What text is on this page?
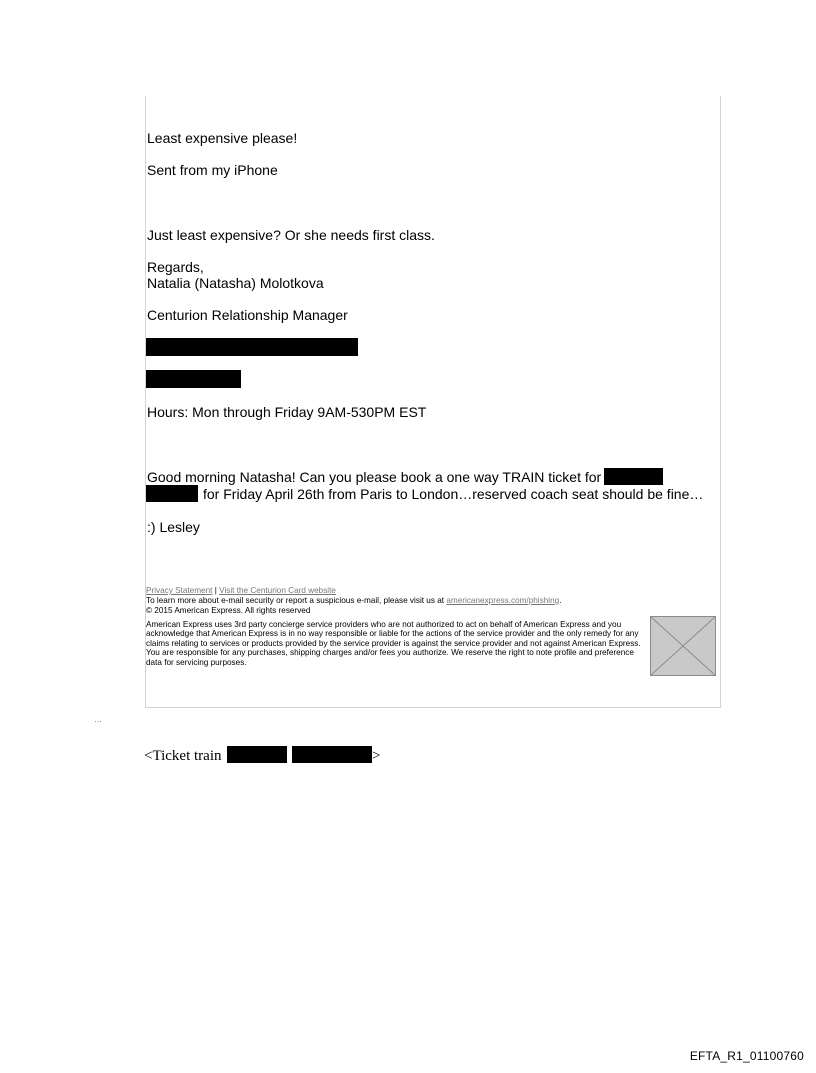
Least expensive please!
Sent from my iPhone
Just least expensive? Or she needs first class.
Regards,
Natalia (Natasha) Molotkova
Centurion Relationship Manager
Hours: Mon through Friday 9AM-530PM EST
Good morning Natasha! Can you please book a one way TRAIN ticket for
for Friday April 26th from Paris to London…reserved coach seat should be fine…
:) Lesley
Privacy Statement | Visit the Centurion Card website
To learn more about e-mail security or report a suspicious e-mail, please visit us at americanexpress.com/phishing.
© 2015 American Express. All rights reserved
American Express uses 3rd party concierge service providers who are not authorized to act on behalf of American Express and you acknowledge that American Express is in no way responsible or liable for the actions of the service provider and the only remedy for any claims relating to services or products provided by the service provider is against the service provider and not against American Express. You are responsible for any purchases, shipping charges and/or fees you authorize. We reserve the right to note profile and preference data for servicing purposes.
…
<Ticket train	>
EFTA_R1_01100760
